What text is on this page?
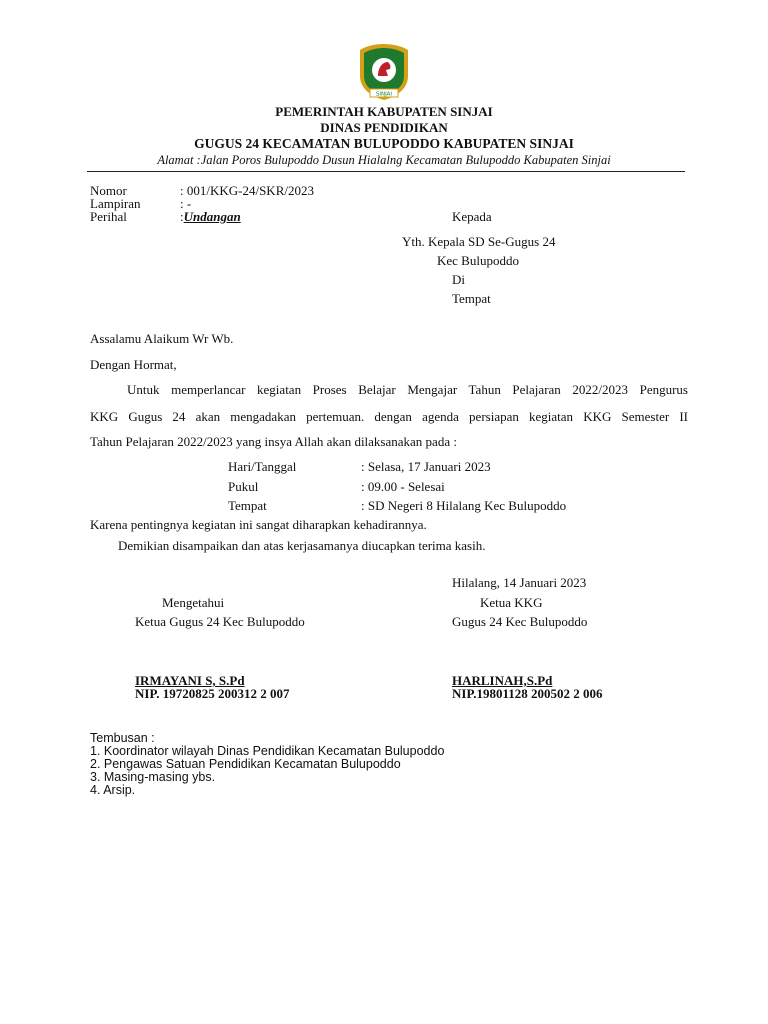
SINJAI
PEMERINTAH KABUPATEN SINJAI
DINAS PENDIDIKAN
GUGUS 24 KECAMATAN BULUPODDO KABUPATEN SINJAI
Alamat :Jalan Poros Bulupoddo Dusun Hialalng Kecamatan Bulupoddo Kabupaten Sinjai
Nomor	: 001/KKG-24/SKR/2023
Lampiran	: -
Perihal	:Undangan	Kepada
Yth. Kepala SD Se-Gugus 24
Kec Bulupoddo
Di
Tempat
Assalamu Alaikum Wr Wb.
Dengan Hormat,
Untuk memperlancar kegiatan Proses Belajar Mengajar Tahun Pelajaran 2022/2023 Pengurus
KKG Gugus 24 akan mengadakan pertemuan. dengan agenda persiapan kegiatan KKG Semester II
Tahun Pelajaran 2022/2023 yang insya Allah akan dilaksanakan pada :
Hari/Tanggal	: Selasa, 17 Januari 2023
Pukul	: 09.00 - Selesai
Tempat	: SD Negeri 8 Hilalang Kec Bulupoddo
Karena pentingnya kegiatan ini sangat diharapkan kehadirannya.
Demikian disampaikan dan atas kerjasamanya diucapkan terima kasih.
Hilalang, 14 Januari 2023
Mengetahui	Ketua KKG
Ketua Gugus 24 Kec Bulupoddo	Gugus 24 Kec Bulupoddo
IRMAYANI S, S.Pd
NIP. 19720825 200312 2 007
HARLINAH,S.Pd
NIP.19801128 200502 2 006
Tembusan :
1. Koordinator wilayah Dinas Pendidikan Kecamatan Bulupoddo
2. Pengawas Satuan Pendidikan Kecamatan Bulupoddo
3. Masing-masing ybs.
4. Arsip.
